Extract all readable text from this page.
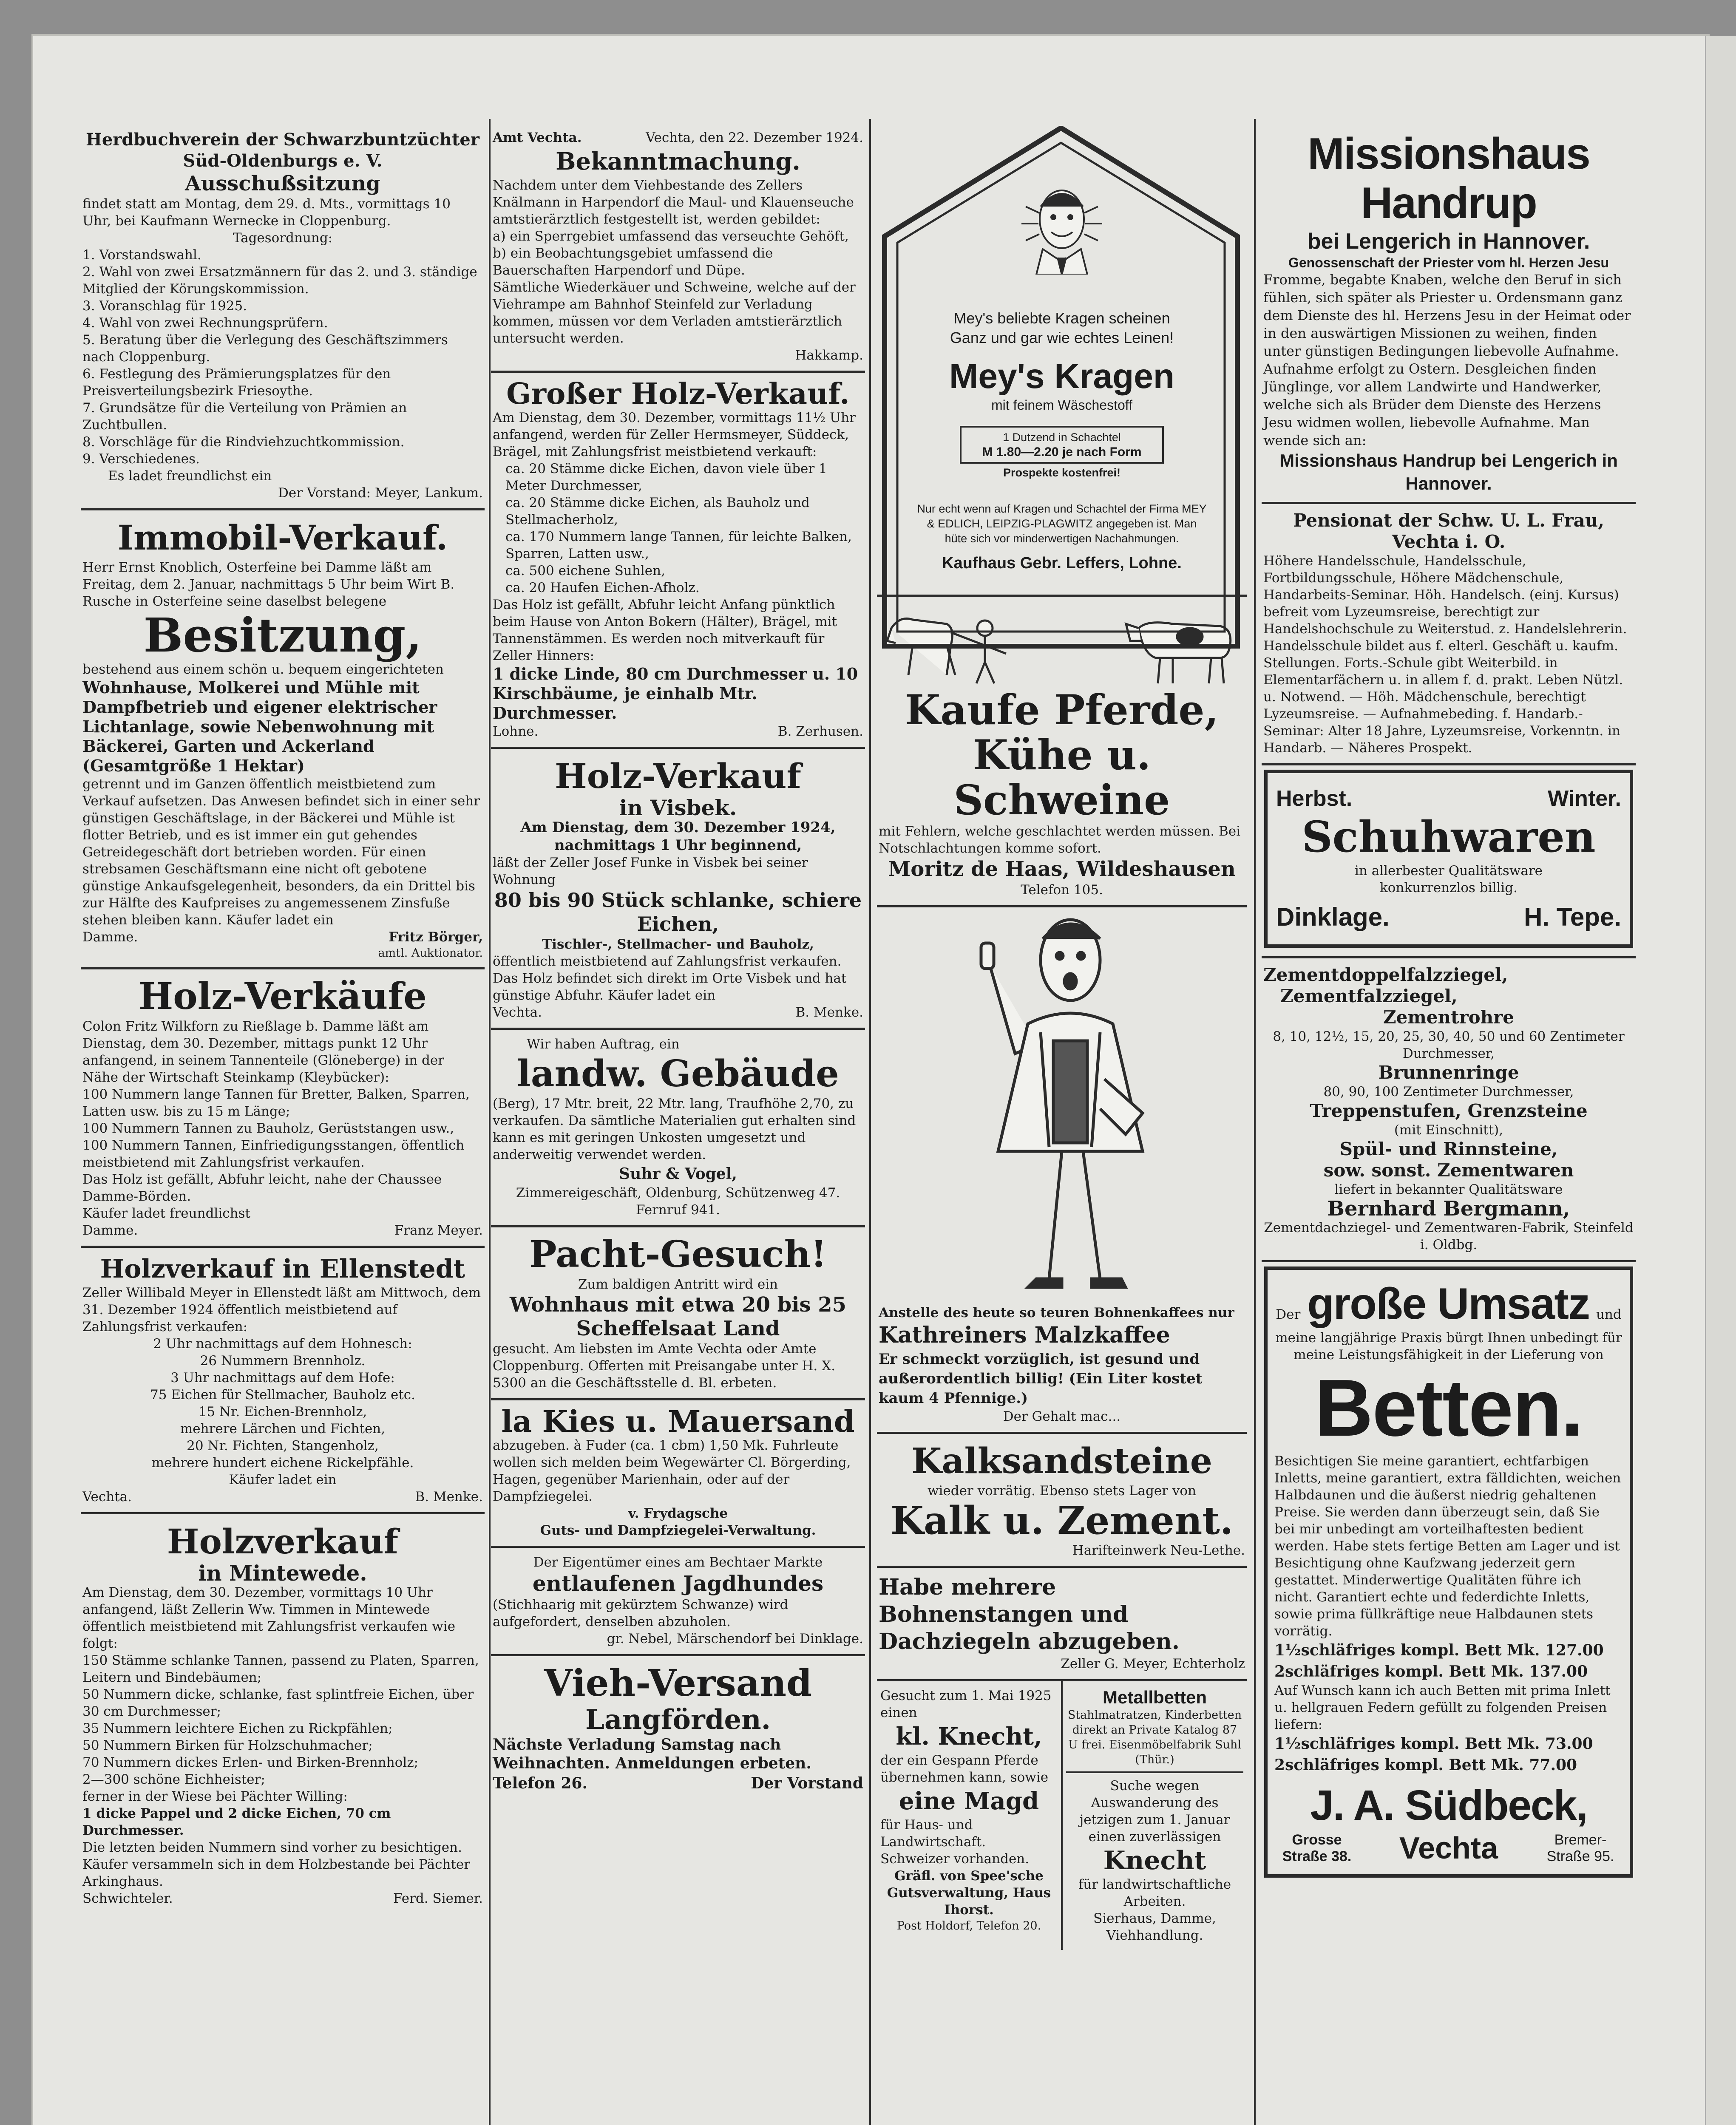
Herdbuchverein der Schwarzbuntzüchter Süd-Oldenburgs e. V.
Ausschußsitzung
findet statt am Montag, dem 29. d. Mts., vormittags 10 Uhr, bei Kaufmann Wernecke in Cloppenburg.
Tagesordnung:
1. Vorstandswahl.
2. Wahl von zwei Ersatzmännern für das 2. und 3. ständige Mitglied der Körungskommission.
3. Voranschlag für 1925.
4. Wahl von zwei Rechnungsprüfern.
5. Beratung über die Verlegung des Geschäftszimmers nach Cloppenburg.
6. Festlegung des Prämierungsplatzes für den Preisverteilungsbezirk Friesoythe.
7. Grundsätze für die Verteilung von Prämien an Zuchtbullen.
8. Vorschläge für die Rindviehzuchtkommission.
9. Verschiedenes.
Es ladet freundlichst ein
Der Vorstand: Meyer, Lankum.
Immobil-Verkauf.
Herr Ernst Knoblich, Osterfeine bei Damme läßt am Freitag, dem 2. Januar, nachmittags 5 Uhr beim Wirt B. Rusche in Osterfeine seine daselbst belegene
Besitzung,
bestehend aus einem schön u. bequem eingerichteten
Wohnhause, Molkerei und Mühle mit Dampfbetrieb und eigener elektrischer Lichtanlage, sowie Nebenwohnung mit Bäckerei, Garten und Ackerland (Gesamtgröße 1 Hektar)
getrennt und im Ganzen öffentlich meistbietend zum Verkauf aufsetzen. Das Anwesen befindet sich in einer sehr günstigen Geschäftslage, in der Bäckerei und Mühle ist flotter Betrieb, und es ist immer ein gut gehendes Getreidegeschäft dort betrieben worden. Für einen strebsamen Geschäftsmann eine nicht oft gebotene günstige Ankaufsgelegenheit, besonders, da ein Drittel bis zur Hälfte des Kaufpreises zu angemessenem Zinsfuße stehen bleiben kann. Käufer ladet ein
Damme.	Fritz Börger,
amtl. Auktionator.
Holz-Verkäufe
Colon Fritz Wilkforn zu Rießlage b. Damme läßt am Dienstag, dem 30. Dezember, mittags punkt 12 Uhr anfangend, in seinem Tannenteile (Glöneberge) in der Nähe der Wirtschaft Steinkamp (Kleybücker):
100 Nummern lange Tannen für Bretter, Balken, Sparren, Latten usw. bis zu 15 m Länge;
100 Nummern Tannen zu Bauholz, Gerüststangen usw.,
100 Nummern Tannen, Einfriedigungsstangen, öffentlich meistbietend mit Zahlungsfrist verkaufen.
Das Holz ist gefällt, Abfuhr leicht, nahe der Chaussee Damme-Börden.
Käufer ladet freundlichst
Damme.	Franz Meyer.
Holzverkauf in Ellenstedt
Zeller Willibald Meyer in Ellenstedt läßt am Mittwoch, dem 31. Dezember 1924 öffentlich meistbietend auf Zahlungsfrist verkaufen:
2 Uhr nachmittags auf dem Hohnesch:
26 Nummern Brennholz.
3 Uhr nachmittags auf dem Hofe:
75 Eichen für Stellmacher, Bauholz etc.
15 Nr. Eichen-Brennholz,
mehrere Lärchen und Fichten,
20 Nr. Fichten, Stangenholz,
mehrere hundert eichene Rickelpfähle.
Käufer ladet ein
Vechta.	B. Menke.
Holzverkauf
in Mintewede.
Am Dienstag, dem 30. Dezember, vormittags 10 Uhr anfangend, läßt Zellerin Ww. Timmen in Mintewede öffentlich meistbietend mit Zahlungsfrist verkaufen wie folgt:
150 Stämme schlanke Tannen, passend zu Platen, Sparren, Leitern und Bindebäumen;
50 Nummern dicke, schlanke, fast splintfreie Eichen, über 30 cm Durchmesser;
35 Nummern leichtere Eichen zu Rickpfählen;
50 Nummern Birken für Holzschuhmacher;
70 Nummern dickes Erlen- und Birken-Brennholz;
2—300 schöne Eichheister;
ferner in der Wiese bei Pächter Willing:
1 dicke Pappel und 2 dicke Eichen, 70 cm Durchmesser.
Die letzten beiden Nummern sind vorher zu besichtigen.
Käufer versammeln sich in dem Holzbestande bei Pächter Arkinghaus.
Schwichteler.	Ferd. Siemer.
Amt Vechta.	Vechta, den 22. Dezember 1924.
Bekanntmachung.
Nachdem unter dem Viehbestande des Zellers Knälmann in Harpendorf die Maul- und Klauenseuche amtstierärztlich festgestellt ist, werden gebildet:
a) ein Sperrgebiet umfassend das verseuchte Gehöft,
b) ein Beobachtungsgebiet umfassend die Bauerschaften Harpendorf und Düpe.
Sämtliche Wiederkäuer und Schweine, welche auf der Viehrampe am Bahnhof Steinfeld zur Verladung kommen, müssen vor dem Verladen amtstierärztlich untersucht werden.
Hakkamp.
Großer Holz-Verkauf.
Am Dienstag, dem 30. Dezember, vormittags 11½ Uhr anfangend, werden für Zeller Hermsmeyer, Süddeck, Brägel, mit Zahlungsfrist meistbietend verkauft:
ca. 20 Stämme dicke Eichen, davon viele über 1 Meter Durchmesser,
ca. 20 Stämme dicke Eichen, als Bauholz und Stellmacherholz,
ca. 170 Nummern lange Tannen, für leichte Balken, Sparren, Latten usw.,
ca. 500 eichene Suhlen,
ca. 20 Haufen Eichen-Afholz.
Das Holz ist gefällt, Abfuhr leicht Anfang pünktlich beim Hause von Anton Bokern (Hälter), Brägel, mit Tannenstämmen. Es werden noch mitverkauft für Zeller Hinners:
1 dicke Linde, 80 cm Durchmesser u. 10 Kirschbäume, je einhalb Mtr. Durchmesser.
Lohne.	B. Zerhusen.
Holz-Verkauf
in Visbek.
Am Dienstag, dem 30. Dezember 1924, nachmittags 1 Uhr beginnend,
läßt der Zeller Josef Funke in Visbek bei seiner Wohnung
80 bis 90 Stück schlanke, schiere Eichen,
Tischler-, Stellmacher- und Bauholz,
öffentlich meistbietend auf Zahlungsfrist verkaufen. Das Holz befindet sich direkt im Orte Visbek und hat günstige Abfuhr. Käufer ladet ein
Vechta.	B. Menke.
Wir haben Auftrag, ein
landw. Gebäude
(Berg), 17 Mtr. breit, 22 Mtr. lang, Traufhöhe 2,70, zu verkaufen. Da sämtliche Materialien gut erhalten sind kann es mit geringen Unkosten umgesetzt und anderweitig verwendet werden.
Suhr & Vogel,
Zimmereigeschäft, Oldenburg, Schützenweg 47. Fernruf 941.
Pacht-Gesuch!
Zum baldigen Antritt wird ein
Wohnhaus mit etwa 20 bis 25 Scheffelsaat Land
gesucht. Am liebsten im Amte Vechta oder Amte Cloppenburg. Offerten mit Preisangabe unter H. X. 5300 an die Geschäftsstelle d. Bl. erbeten.
la Kies u. Mauersand
abzugeben. à Fuder (ca. 1 cbm) 1,50 Mk. Fuhrleute wollen sich melden beim Wegewärter Cl. Börgerding, Hagen, gegenüber Marienhain, oder auf der Dampfziegelei.
v. Frydagsche
Guts- und Dampfziegelei-Verwaltung.
Der Eigentümer eines am Bechtaer Markte
entlaufenen Jagdhundes
(Stichhaarig mit gekürztem Schwanze) wird aufgefordert, denselben abzuholen.
gr. Nebel, Märschendorf bei Dinklage.
Vieh-Versand
Langförden.
Nächste Verladung Samstag nach Weihnachten. Anmeldungen erbeten.
Telefon 26.	Der Vorstand
Mey's beliebte Kragen scheinen
Ganz und gar wie echtes Leinen!
Mey's Kragen
mit feinem Wäschestoff
1 Dutzend in Schachtel
M 1.80—2.20 je nach Form
Prospekte kostenfrei!
Nur echt wenn auf Kragen und Schachtel der Firma MEY & EDLICH, LEIPZIG-PLAGWITZ angegeben ist. Man hüte sich vor minderwertigen Nachahmungen.
Kaufhaus Gebr. Leffers, Lohne.
Kaufe Pferde,
Kühe u. Schweine
mit Fehlern, welche geschlachtet werden müssen. Bei Notschlachtungen komme sofort.
Moritz de Haas, Wildeshausen
Telefon 105.
Anstelle des heute so teuren Bohnenkaffees nur
Kathreiners Malzkaffee
Er schmeckt vorzüglich, ist gesund und außerordentlich billig! (Ein Liter kostet kaum 4 Pfennige.)
Der Gehalt mac...
Kalksandsteine
wieder vorrätig. Ebenso stets Lager von
Kalk u. Zement.
Harifteinwerk Neu-Lethe.
Habe mehrere Bohnenstangen und Dachziegeln abzugeben.
Zeller G. Meyer, Echterholz
Gesucht zum 1. Mai 1925 einen
kl. Knecht,
der ein Gespann Pferde übernehmen kann, sowie
eine Magd
für Haus- und Landwirtschaft. Schweizer vorhanden.
Gräfl. von Spee'sche Gutsverwaltung, Haus Ihorst.
Post Holdorf, Telefon 20.
Metallbetten
Stahlmatratzen, Kinderbetten direkt an Private Katalog 87 U frei. Eisenmöbelfabrik Suhl (Thür.)
Suche wegen Auswanderung des jetzigen zum 1. Januar einen zuverlässigen
Knecht
für landwirtschaftliche Arbeiten.
Sierhaus, Damme, Viehhandlung.
Missionshaus Handrup
bei Lengerich in Hannover.
Genossenschaft der Priester vom hl. Herzen Jesu
Fromme, begabte Knaben, welche den Beruf in sich fühlen, sich später als Priester u. Ordensmann ganz dem Dienste des hl. Herzens Jesu in der Heimat oder in den auswärtigen Missionen zu weihen, finden unter günstigen Bedingungen liebevolle Aufnahme. Aufnahme erfolgt zu Ostern. Desgleichen finden Jünglinge, vor allem Landwirte und Handwerker, welche sich als Brüder dem Dienste des Herzens Jesu widmen wollen, liebevolle Aufnahme. Man wende sich an:
Missionshaus Handrup bei Lengerich in Hannover.
Pensionat der Schw. U. L. Frau, Vechta i. O.
Höhere Handelsschule, Handelsschule, Fortbildungsschule, Höhere Mädchenschule, Handarbeits-Seminar. Höh. Handelsch. (einj. Kursus) befreit vom Lyzeumsreise, berechtigt zur Handelshochschule zu Weiterstud. z. Handelslehrerin. Handelsschule bildet aus f. elterl. Geschäft u. kaufm. Stellungen. Forts.-Schule gibt Weiterbild. in Elementarfächern u. in allem f. d. prakt. Leben Nützl. u. Notwend. — Höh. Mädchenschule, berechtigt Lyzeumsreise. — Aufnahmebeding. f. Handarb.-Seminar: Alter 18 Jahre, Lyzeumsreise, Vorkenntn. in Handarb. — Näheres Prospekt.
Herbst.	Winter.
Schuhwaren
in allerbester Qualitätsware
konkurrenzlos billig.
Dinklage.	H. Tepe.
Zementdoppelfalzziegel,
Zementfalzziegel,
Zementrohre
8, 10, 12½, 15, 20, 25, 30, 40, 50 und 60 Zentimeter Durchmesser,
Brunnenringe
80, 90, 100 Zentimeter Durchmesser,
Treppenstufen, Grenzsteine
(mit Einschnitt),
Spül- und Rinnsteine,
sow. sonst. Zementwaren
liefert in bekannter Qualitätsware
Bernhard Bergmann,
Zementdachziegel- und Zementwaren-Fabrik, Steinfeld i. Oldbg.
Der große Umsatz und
meine langjährige Praxis bürgt Ihnen unbedingt für meine Leistungsfähigkeit in der Lieferung von
Betten.
Besichtigen Sie meine garantiert, echtfarbigen Inletts, meine garantiert, extra fälldichten, weichen Halbdaunen und die äußerst niedrig gehaltenen Preise. Sie werden dann überzeugt sein, daß Sie bei mir unbedingt am vorteilhaftesten bedient werden. Habe stets fertige Betten am Lager und ist Besichtigung ohne Kaufzwang jederzeit gern gestattet. Minderwertige Qualitäten führe ich nicht. Garantiert echte und federdichte Inletts, sowie prima füllkräftige neue Halbdaunen stets vorrätig.
1½schläfriges kompl. Bett Mk. 127.00
2schläfriges kompl. Bett Mk. 137.00
Auf Wunsch kann ich auch Betten mit prima Inlett u. hellgrauen Federn gefüllt zu folgenden Preisen liefern:
1½schläfriges kompl. Bett Mk. 73.00
2schläfriges kompl. Bett Mk. 77.00
J. A. Südbeck,
Grosse Straße 38. Vechta	Bremer-Straße 95.
